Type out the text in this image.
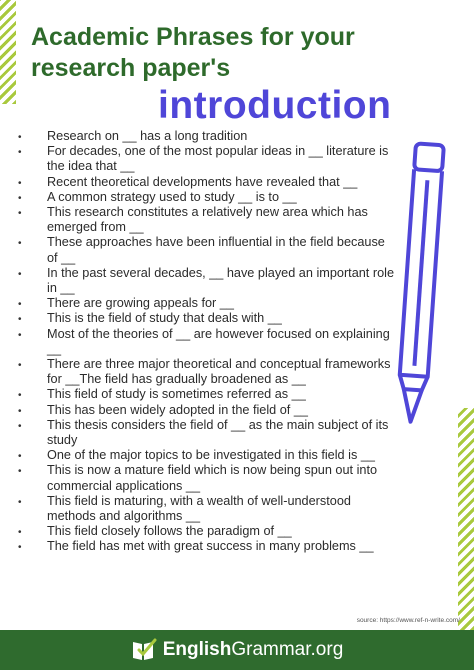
Academic Phrases for your research paper's
introduction
• Research on __ has a long tradition
• For decades, one of the most popular ideas in __ literature is the idea that __
• Recent theoretical developments have revealed that __
• A common strategy used to study __ is to __
• This research constitutes a relatively new area which has emerged from __
• These approaches have been influential in the field because of __
• In the past several decades, __ have played an important role in __
• There are growing appeals for __
• This is the field of study that deals with __
• Most of the theories of __ are however focused on explaining __
• There are three major theoretical and conceptual frameworks for __The field has gradually broadened as __
• This field of study is sometimes referred as __
• This has been widely adopted in the field of __
• This thesis considers the field of __ as the main subject of its study
• One of the major topics to be investigated in this field is __
• This is now a mature field which is now being spun out into commercial applications __
• This field is maturing, with a wealth of well-understood methods and algorithms __
• This field closely follows the paradigm of __
• The field has met with great success in many problems __
source: https://www.ref-n-write.com/
EnglishGrammar.org
